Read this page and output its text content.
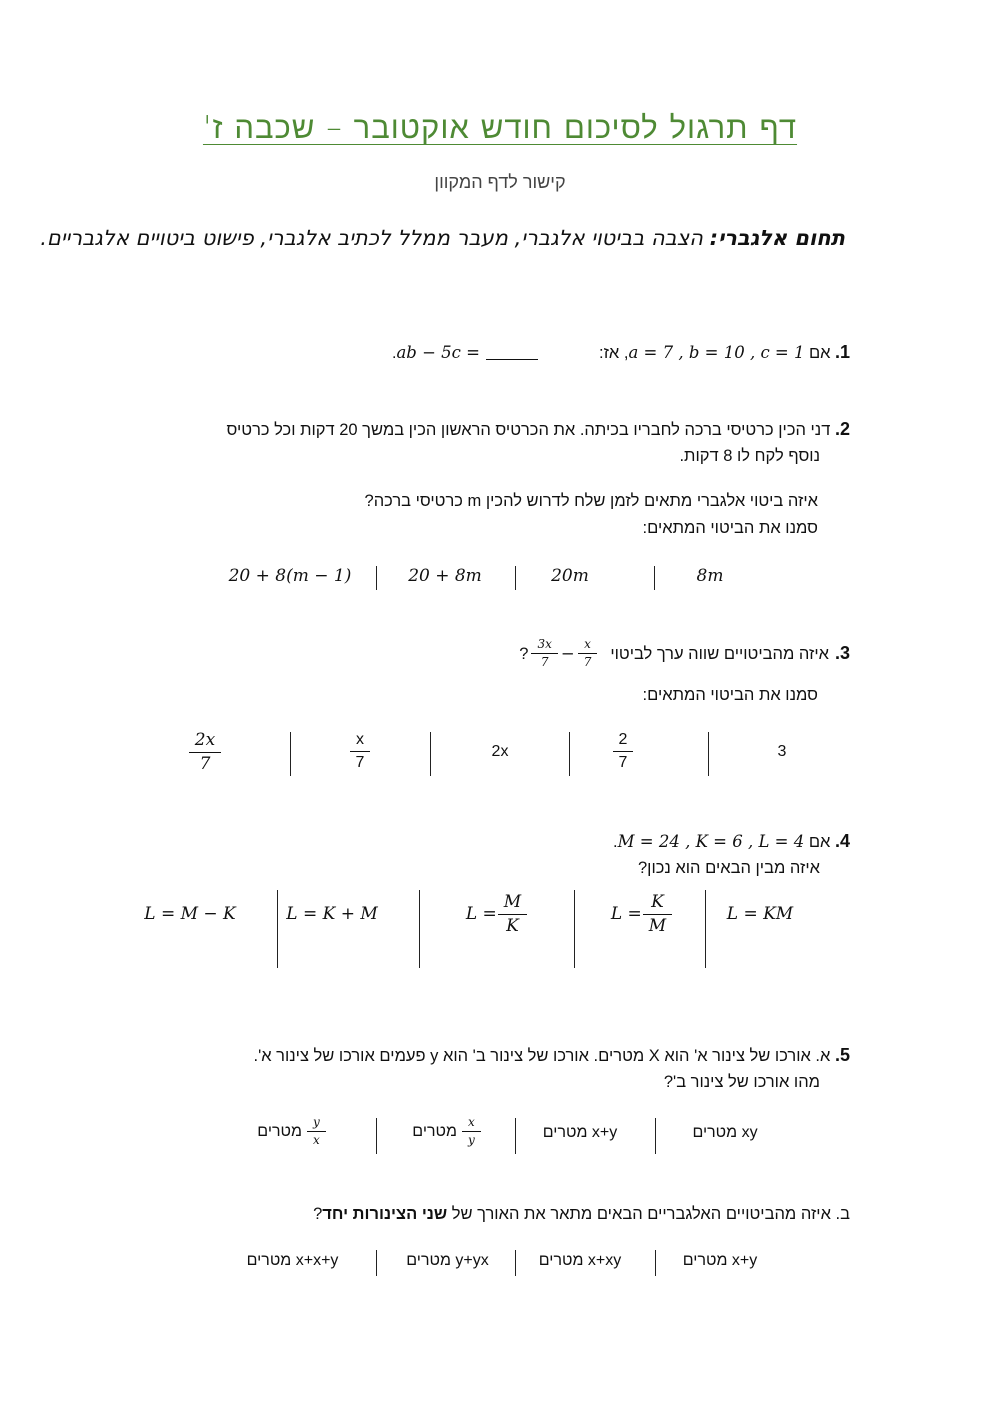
דף תרגול לסיכום חודש אוקטובר – שכבה ז'
קישור לדף המקוון
תחום אלגברי: הצבה בביטוי אלגברי, מעבר ממלל לכתיב אלגברי, פישוט ביטויים אלגבריים.
1. אם a = 7 , b = 10 , c = 1, אז:
.ab − 5c =
2. דני הכין כרטיסי ברכה לחבריו בכיתה. את הכרטיס הראשון הכין במשך 20 דקות וכל כרטיס
נוסף לקח לו 8 דקות.
איזה ביטוי אלגברי מתאים לזמן שלח לדרוש להכין m כרטיסי ברכה?
סמנו את הביטוי המתאים:
8m
20m
20 + 8m
20 + 8(m − 1)
3.
איזה מהביטויים שווה ערך לביטוי
$\frac{3x}{7} - \frac{x}{7}$
?
סמנו את הביטוי המתאים:
3
$\frac{2}{7}$
2x
$\frac{x}{7}$
$\frac{2x}{7}$
4. אם M = 24 , K = 6 , L = 4.
איזה מבין הבאים הוא נכון?
L = KM
$L = \frac{K}{M}$
$L = \frac{M}{K}$
L = K + M
L = M − K
5. א. אורכו של צינור א' הוא X מטרים. אורכו של צינור ב' הוא y פעמים אורכו של צינור א'.
מהו אורכו של צינור ב'?
xy מטרים
x+y מטרים
$\frac{x}{y}$
מטרים
$\frac{y}{x}$
מטרים
ב. איזה מהביטויים האלגבריים הבאים מתאר את האורך של שני הצינורות יחד?
x+y מטרים
x+xy מטרים
y+yx מטרים
x+x+y מטרים
